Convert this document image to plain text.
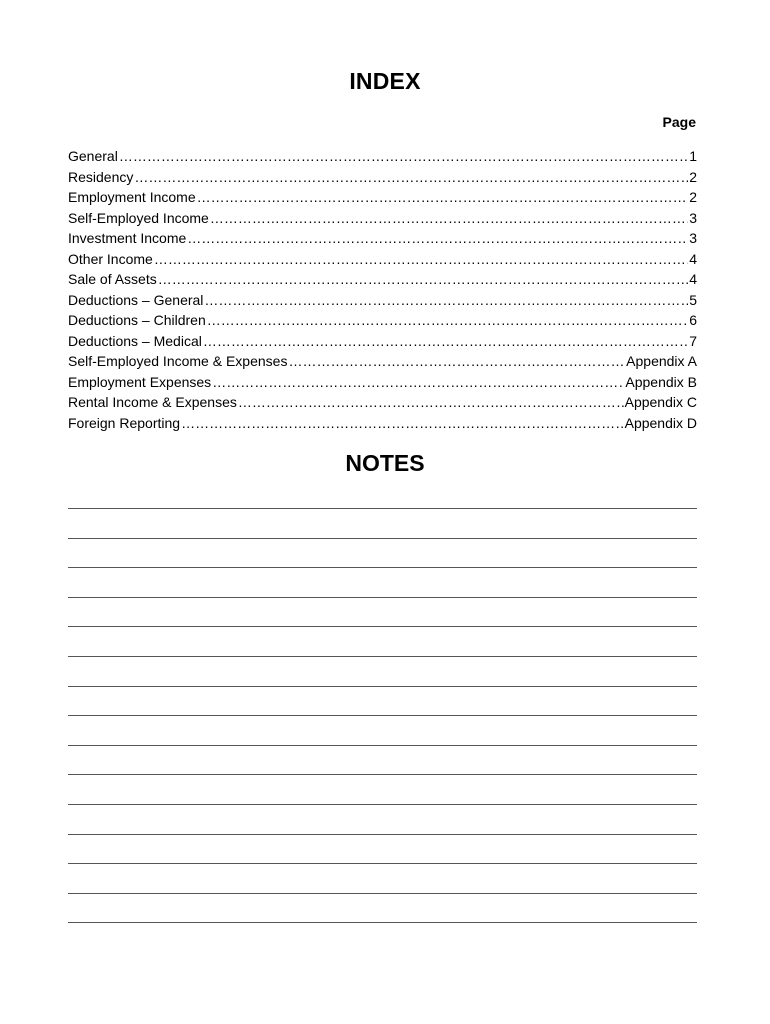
INDEX
Page
General ………………………………………………………………………………………………………………………………………………………………………………………………………………………	1
Residency ………………………………………………………………………………………………………………………………………………………………………………………………………………………	2
Employment Income ………………………………………………………………………………………………………………………………………………………………………………………………………………………	2
Self-Employed Income ………………………………………………………………………………………………………………………………………………………………………………………………………………………	3
Investment Income ………………………………………………………………………………………………………………………………………………………………………………………………………………………	3
Other Income ………………………………………………………………………………………………………………………………………………………………………………………………………………………	4
Sale of Assets ………………………………………………………………………………………………………………………………………………………………………………………………………………………	4
Deductions – General ………………………………………………………………………………………………………………………………………………………………………………………………………………………	5
Deductions – Children ………………………………………………………………………………………………………………………………………………………………………………………………………………………	6
Deductions – Medical ………………………………………………………………………………………………………………………………………………………………………………………………………………………	7
Self-Employed Income & Expenses ………………………………………………………………………………………………………………………………………………………………………………………………………………………	Appendix A
Employment Expenses ………………………………………………………………………………………………………………………………………………………………………………………………………………………	Appendix B
Rental Income & Expenses ………………………………………………………………………………………………………………………………………………………………………………………………………………………	Appendix C
Foreign Reporting ………………………………………………………………………………………………………………………………………………………………………………………………………………………	Appendix D
NOTES
